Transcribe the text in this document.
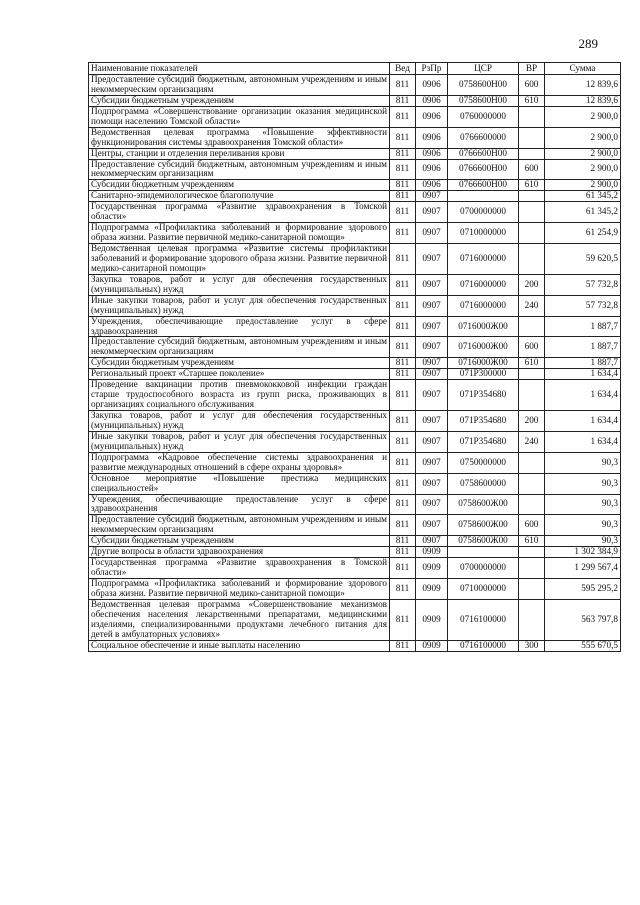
289
Наименование показателей	Вед	РзПр	ЦСР	ВР	Сумма
Предоставление субсидий бюджетным, автономным учреждениям и иным некоммерческим организациям	811	0906	0758600Н00	600	12 839,6
Субсидии бюджетным учреждениям	811	0906	0758600Н00	610	12 839,6
Подпрограмма «Совершенствование организации оказания медицинской помощи населению Томской области»	811	0906	0760000000		2 900,0
Ведомственная целевая программа «Повышение эффективности функционирования системы здравоохранения Томской области»	811	0906	0766600000		2 900,0
Центры, станции и отделения переливания крови	811	0906	0766600Н00		2 900,0
Предоставление субсидий бюджетным, автономным учреждениям и иным некоммерческим организациям	811	0906	0766600Н00	600	2 900,0
Субсидии бюджетным учреждениям	811	0906	0766600Н00	610	2 900,0
Санитарно-эпидемиологическое благополучие	811	0907			61 345,2
Государственная программа «Развитие здравоохранения в Томской области»	811	0907	0700000000		61 345,2
Подпрограмма «Профилактика заболеваний и формирование здорового образа жизни. Развитие первичной медико-санитарной помощи»	811	0907	0710000000		61 254,9
Ведомственная целевая программа «Развитие системы профилактики заболеваний и формирование здорового образа жизни. Развитие первичной медико-санитарной помощи»	811	0907	0716000000		59 620,5
Закупка товаров, работ и услуг для обеспечения государственных (муниципальных) нужд	811	0907	0716000000	200	57 732,8
Иные закупки товаров, работ и услуг для обеспечения государственных (муниципальных) нужд	811	0907	0716000000	240	57 732,8
Учреждения, обеспечивающие предоставление услуг в сфере здравоохранения	811	0907	0716000Ж00		1 887,7
Предоставление субсидий бюджетным, автономным учреждениям и иным некоммерческим организациям	811	0907	0716000Ж00	600	1 887,7
Субсидии бюджетным учреждениям	811	0907	0716000Ж00	610	1 887,7
Региональный проект «Старшее поколение»	811	0907	071Р300000		1 634,4
Проведение вакцинации против пневмококковой инфекции граждан старше трудоспособного возраста из групп риска, проживающих в организациях социального обслуживания	811	0907	071Р354680		1 634,4
Закупка товаров, работ и услуг для обеспечения государственных (муниципальных) нужд	811	0907	071Р354680	200	1 634,4
Иные закупки товаров, работ и услуг для обеспечения государственных (муниципальных) нужд	811	0907	071Р354680	240	1 634,4
Подпрограмма «Кадровое обеспечение системы здравоохранения и развитие международных отношений в сфере охраны здоровья»	811	0907	0750000000		90,3
Основное мероприятие «Повышение престижа медицинских специальностей»	811	0907	0758600000		90,3
Учреждения, обеспечивающие предоставление услуг в сфере здравоохранения	811	0907	0758600Ж00		90,3
Предоставление субсидий бюджетным, автономным учреждениям и иным некоммерческим организациям	811	0907	0758600Ж00	600	90,3
Субсидии бюджетным учреждениям	811	0907	0758600Ж00	610	90,3
Другие вопросы в области здравоохранения	811	0909			1 302 384,9
Государственная программа «Развитие здравоохранения в Томской области»	811	0909	0700000000		1 299 567,4
Подпрограмма «Профилактика заболеваний и формирование здорового образа жизни. Развитие первичной медико-санитарной помощи»	811	0909	0710000000		595 295,2
Ведомственная целевая программа «Совершенствование механизмов обеспечения населения лекарственными препаратами, медицинскими изделиями, специализированными продуктами лечебного питания для детей в амбулаторных условиях»	811	0909	0716100000		563 797,8
Социальное обеспечение и иные выплаты населению	811	0909	0716100000	300	555 670,5
